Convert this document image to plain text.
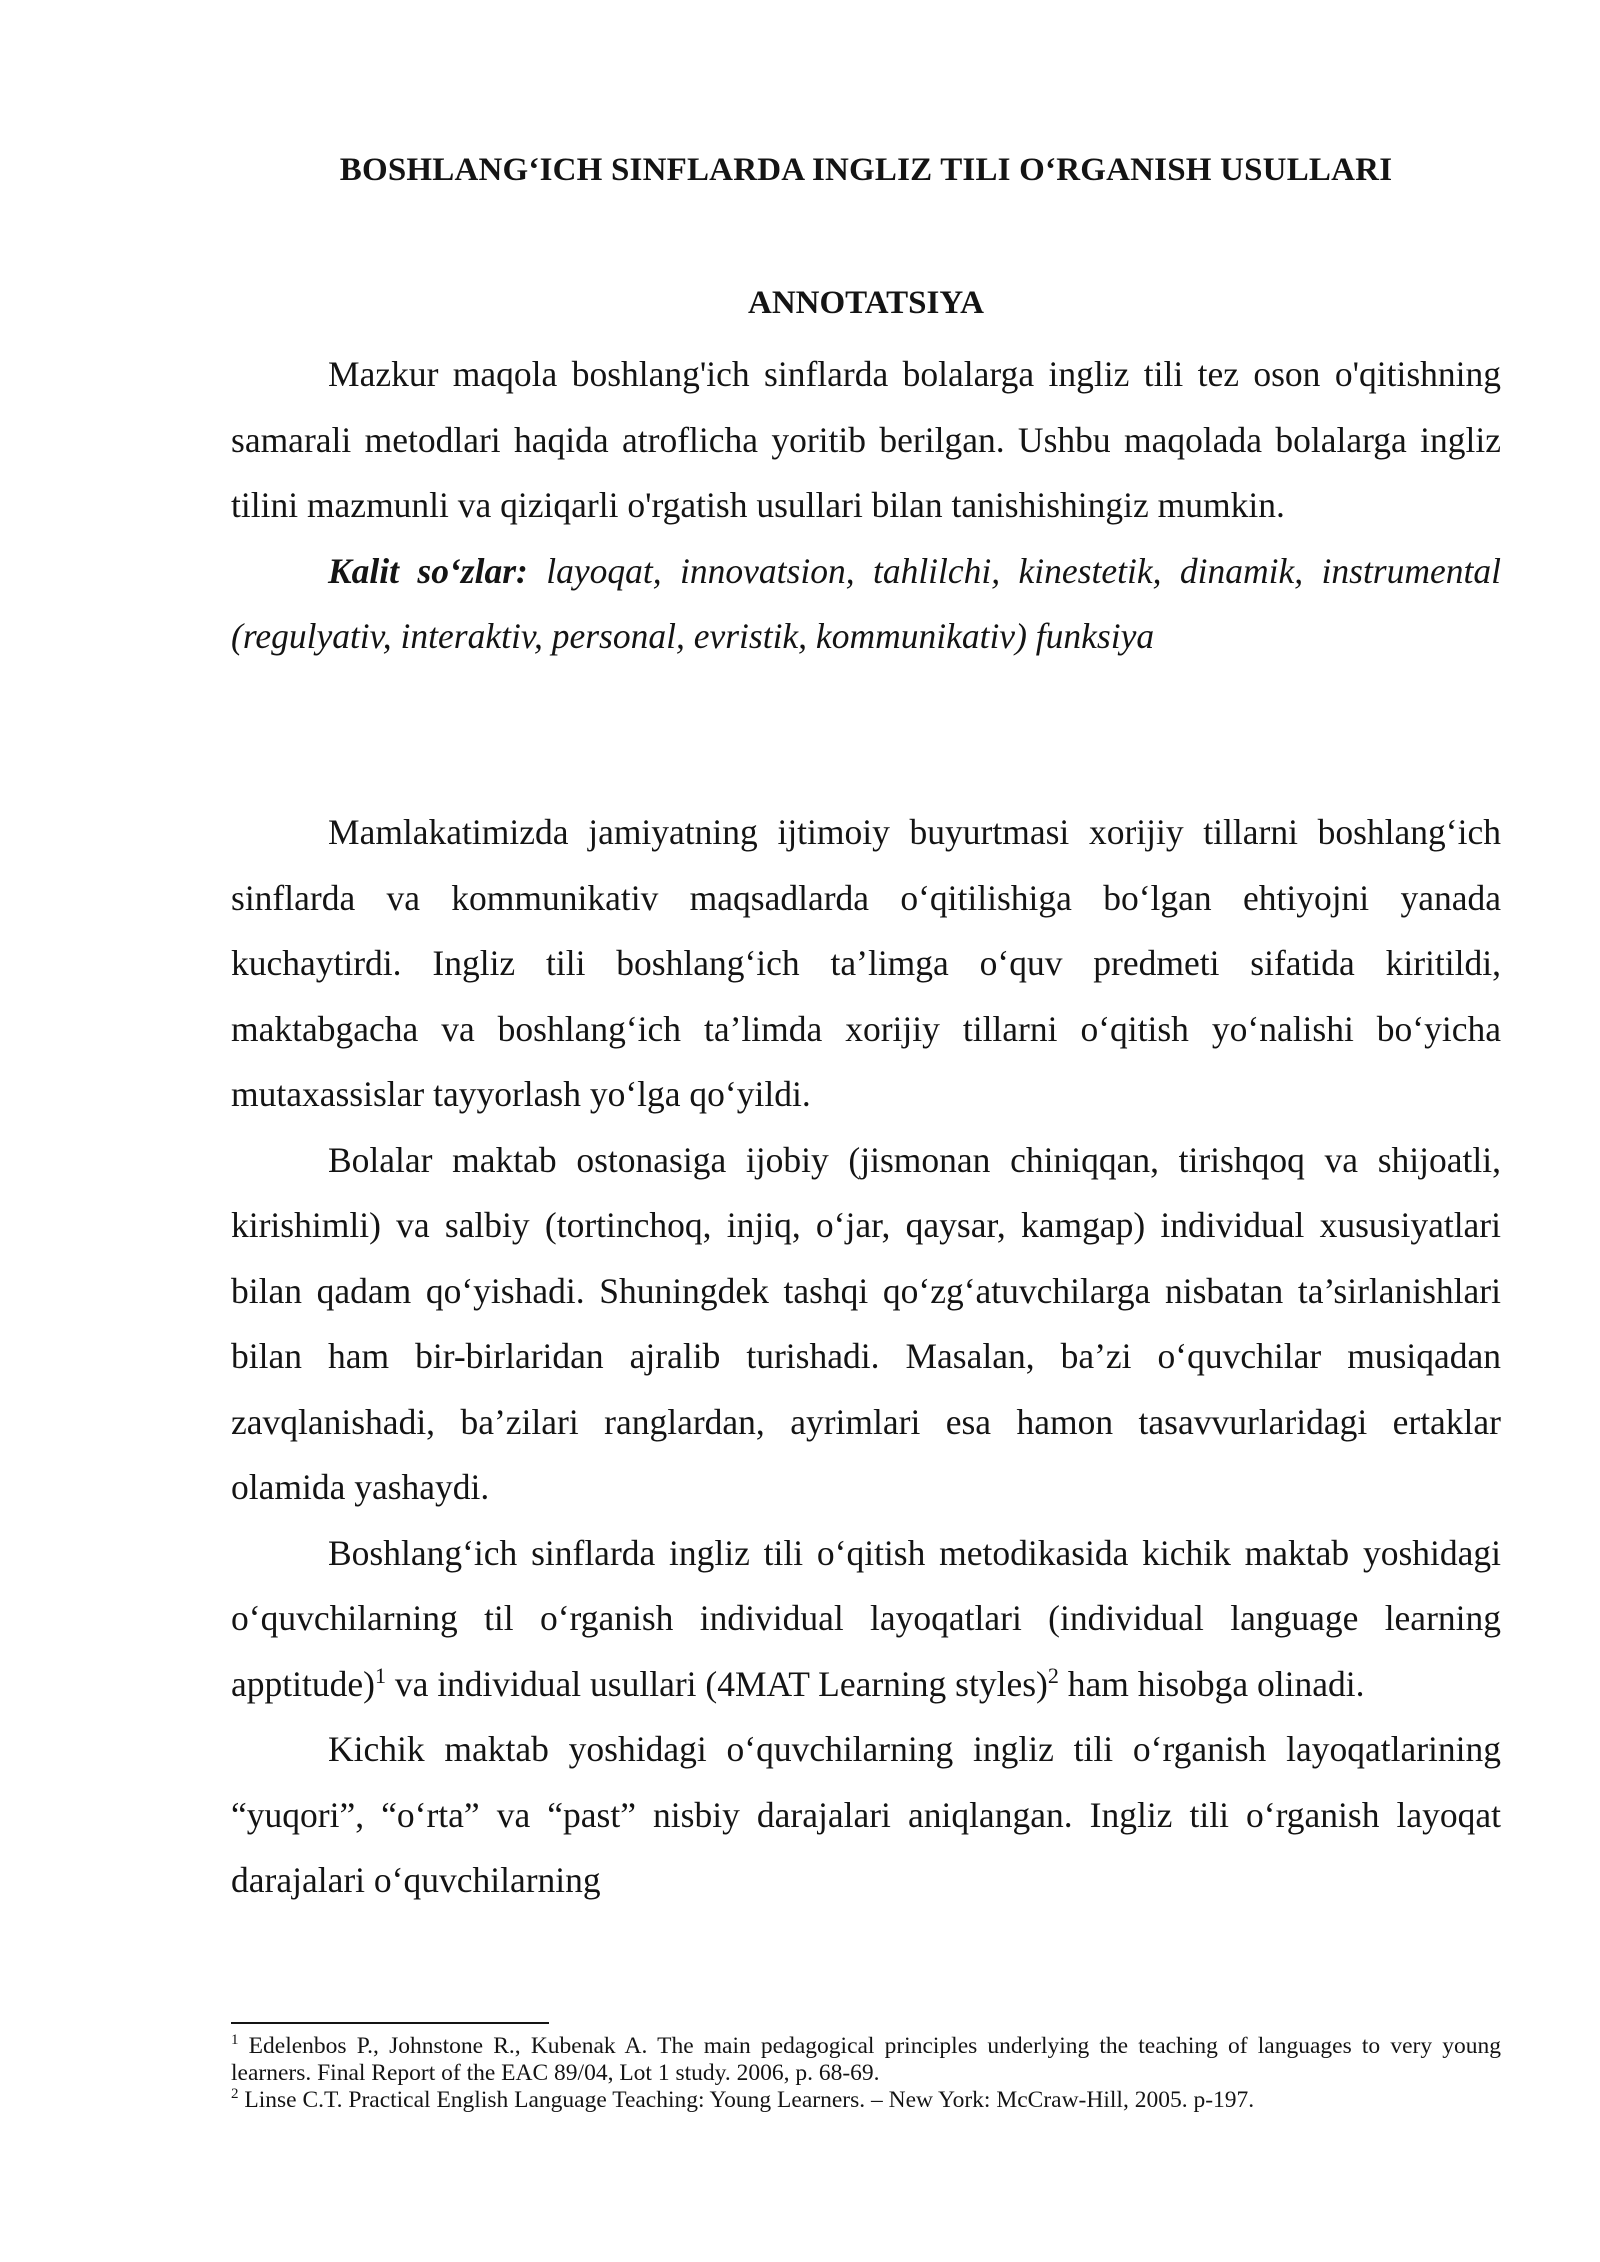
BOSHLANG‘ICH SINFLARDA INGLIZ TILI O‘RGANISH USULLARI
ANNOTATSIYA

Mazkur maqola boshlang'ich sinflarda bolalarga ingliz tili tez oson o'qitishning samarali metodlari haqida atroflicha yoritib berilgan. Ushbu maqolada bolalarga ingliz tilini mazmunli va qiziqarli o'rgatish usullari bilan tanishishingiz mumkin.

Kalit so‘zlar: layoqat, innovatsion, tahlilchi, kinestetik, dinamik, instrumental (regulyativ, interaktiv, personal, evristik, kommunikativ) funksiya

Mamlakatimizda jamiyatning ijtimoiy buyurtmasi xorijiy tillarni boshlang‘ich sinflarda va kommunikativ maqsadlarda o‘qitilishiga bo‘lgan ehtiyojni yanada kuchaytirdi. Ingliz tili boshlang‘ich ta’limga o‘quv predmeti sifatida kiritildi, maktabgacha va boshlang‘ich ta’limda xorijiy tillarni o‘qitish yo‘nalishi bo‘yicha mutaxassislar tayyorlash yo‘lga qo‘yildi.

Bolalar maktab ostonasiga ijobiy (jismonan chiniqqan, tirishqoq va shijoatli, kirishimli) va salbiy (tortinchoq, injiq, o‘jar, qaysar, kamgap) individual xususiyatlari bilan qadam qo‘yishadi. Shuningdek tashqi qo‘zg‘atuvchilarga nisbatan ta’sirlanishlari bilan ham bir-birlaridan ajralib turishadi. Masalan, ba’zi o‘quvchilar musiqadan zavqlanishadi, ba’zilari ranglardan, ayrimlari esa hamon tasavvurlaridagi ertaklar olamida yashaydi.

Boshlang‘ich sinflarda ingliz tili o‘qitish metodikasida kichik maktab yoshidagi o‘quvchilarning til o‘rganish individual layoqatlari (individual language learning apptitude)$^1$ va individual usullari (4MAT Learning styles)$^2$ ham hisobga olinadi.

Kichik maktab yoshidagi o‘quvchilarning ingliz tili o‘rganish layoqatlarining “yuqori”, “o‘rta” va “past” nisbiy darajalari aniqlangan. Ingliz tili o‘rganish layoqat darajalari o‘quvchilarning

$^1$ Edelenbos P., Johnstone R., Kubenak A. The main pedagogical principles underlying the teaching of languages to very young learners. Final Report of the EAC 89/04, Lot 1 study. 2006, p. 68-69.

$^2$ Linse C.T. Practical English Language Teaching: Young Learners. – New York: McCraw-Hill, 2005. p-197.
